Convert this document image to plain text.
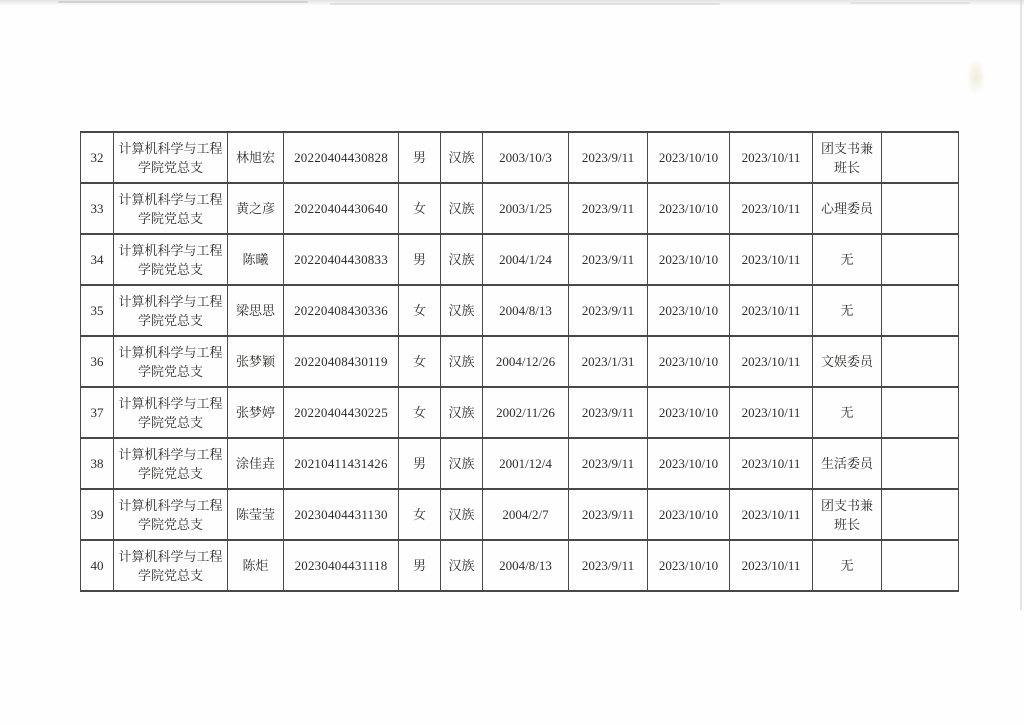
32	计算机科学与工程学院党总支	林旭宏	20220404430828	男	汉族	2003/10/3	2023/9/11	2023/10/10	2023/10/11	团支书兼班长	
33	计算机科学与工程学院党总支	黄之彦	20220404430640	女	汉族	2003/1/25	2023/9/11	2023/10/10	2023/10/11	心理委员	
34	计算机科学与工程学院党总支	陈曦	20220404430833	男	汉族	2004/1/24	2023/9/11	2023/10/10	2023/10/11	无	
35	计算机科学与工程学院党总支	梁思思	20220408430336	女	汉族	2004/8/13	2023/9/11	2023/10/10	2023/10/11	无	
36	计算机科学与工程学院党总支	张梦颖	20220408430119	女	汉族	2004/12/26	2023/1/31	2023/10/10	2023/10/11	文娱委员	
37	计算机科学与工程学院党总支	张梦婷	20220404430225	女	汉族	2002/11/26	2023/9/11	2023/10/10	2023/10/11	无	
38	计算机科学与工程学院党总支	涂佳垚	20210411431426	男	汉族	2001/12/4	2023/9/11	2023/10/10	2023/10/11	生活委员	
39	计算机科学与工程学院党总支	陈莹莹	20230404431130	女	汉族	2004/2/7	2023/9/11	2023/10/10	2023/10/11	团支书兼班长	
40	计算机科学与工程学院党总支	陈炬	20230404431118	男	汉族	2004/8/13	2023/9/11	2023/10/10	2023/10/11	无	
